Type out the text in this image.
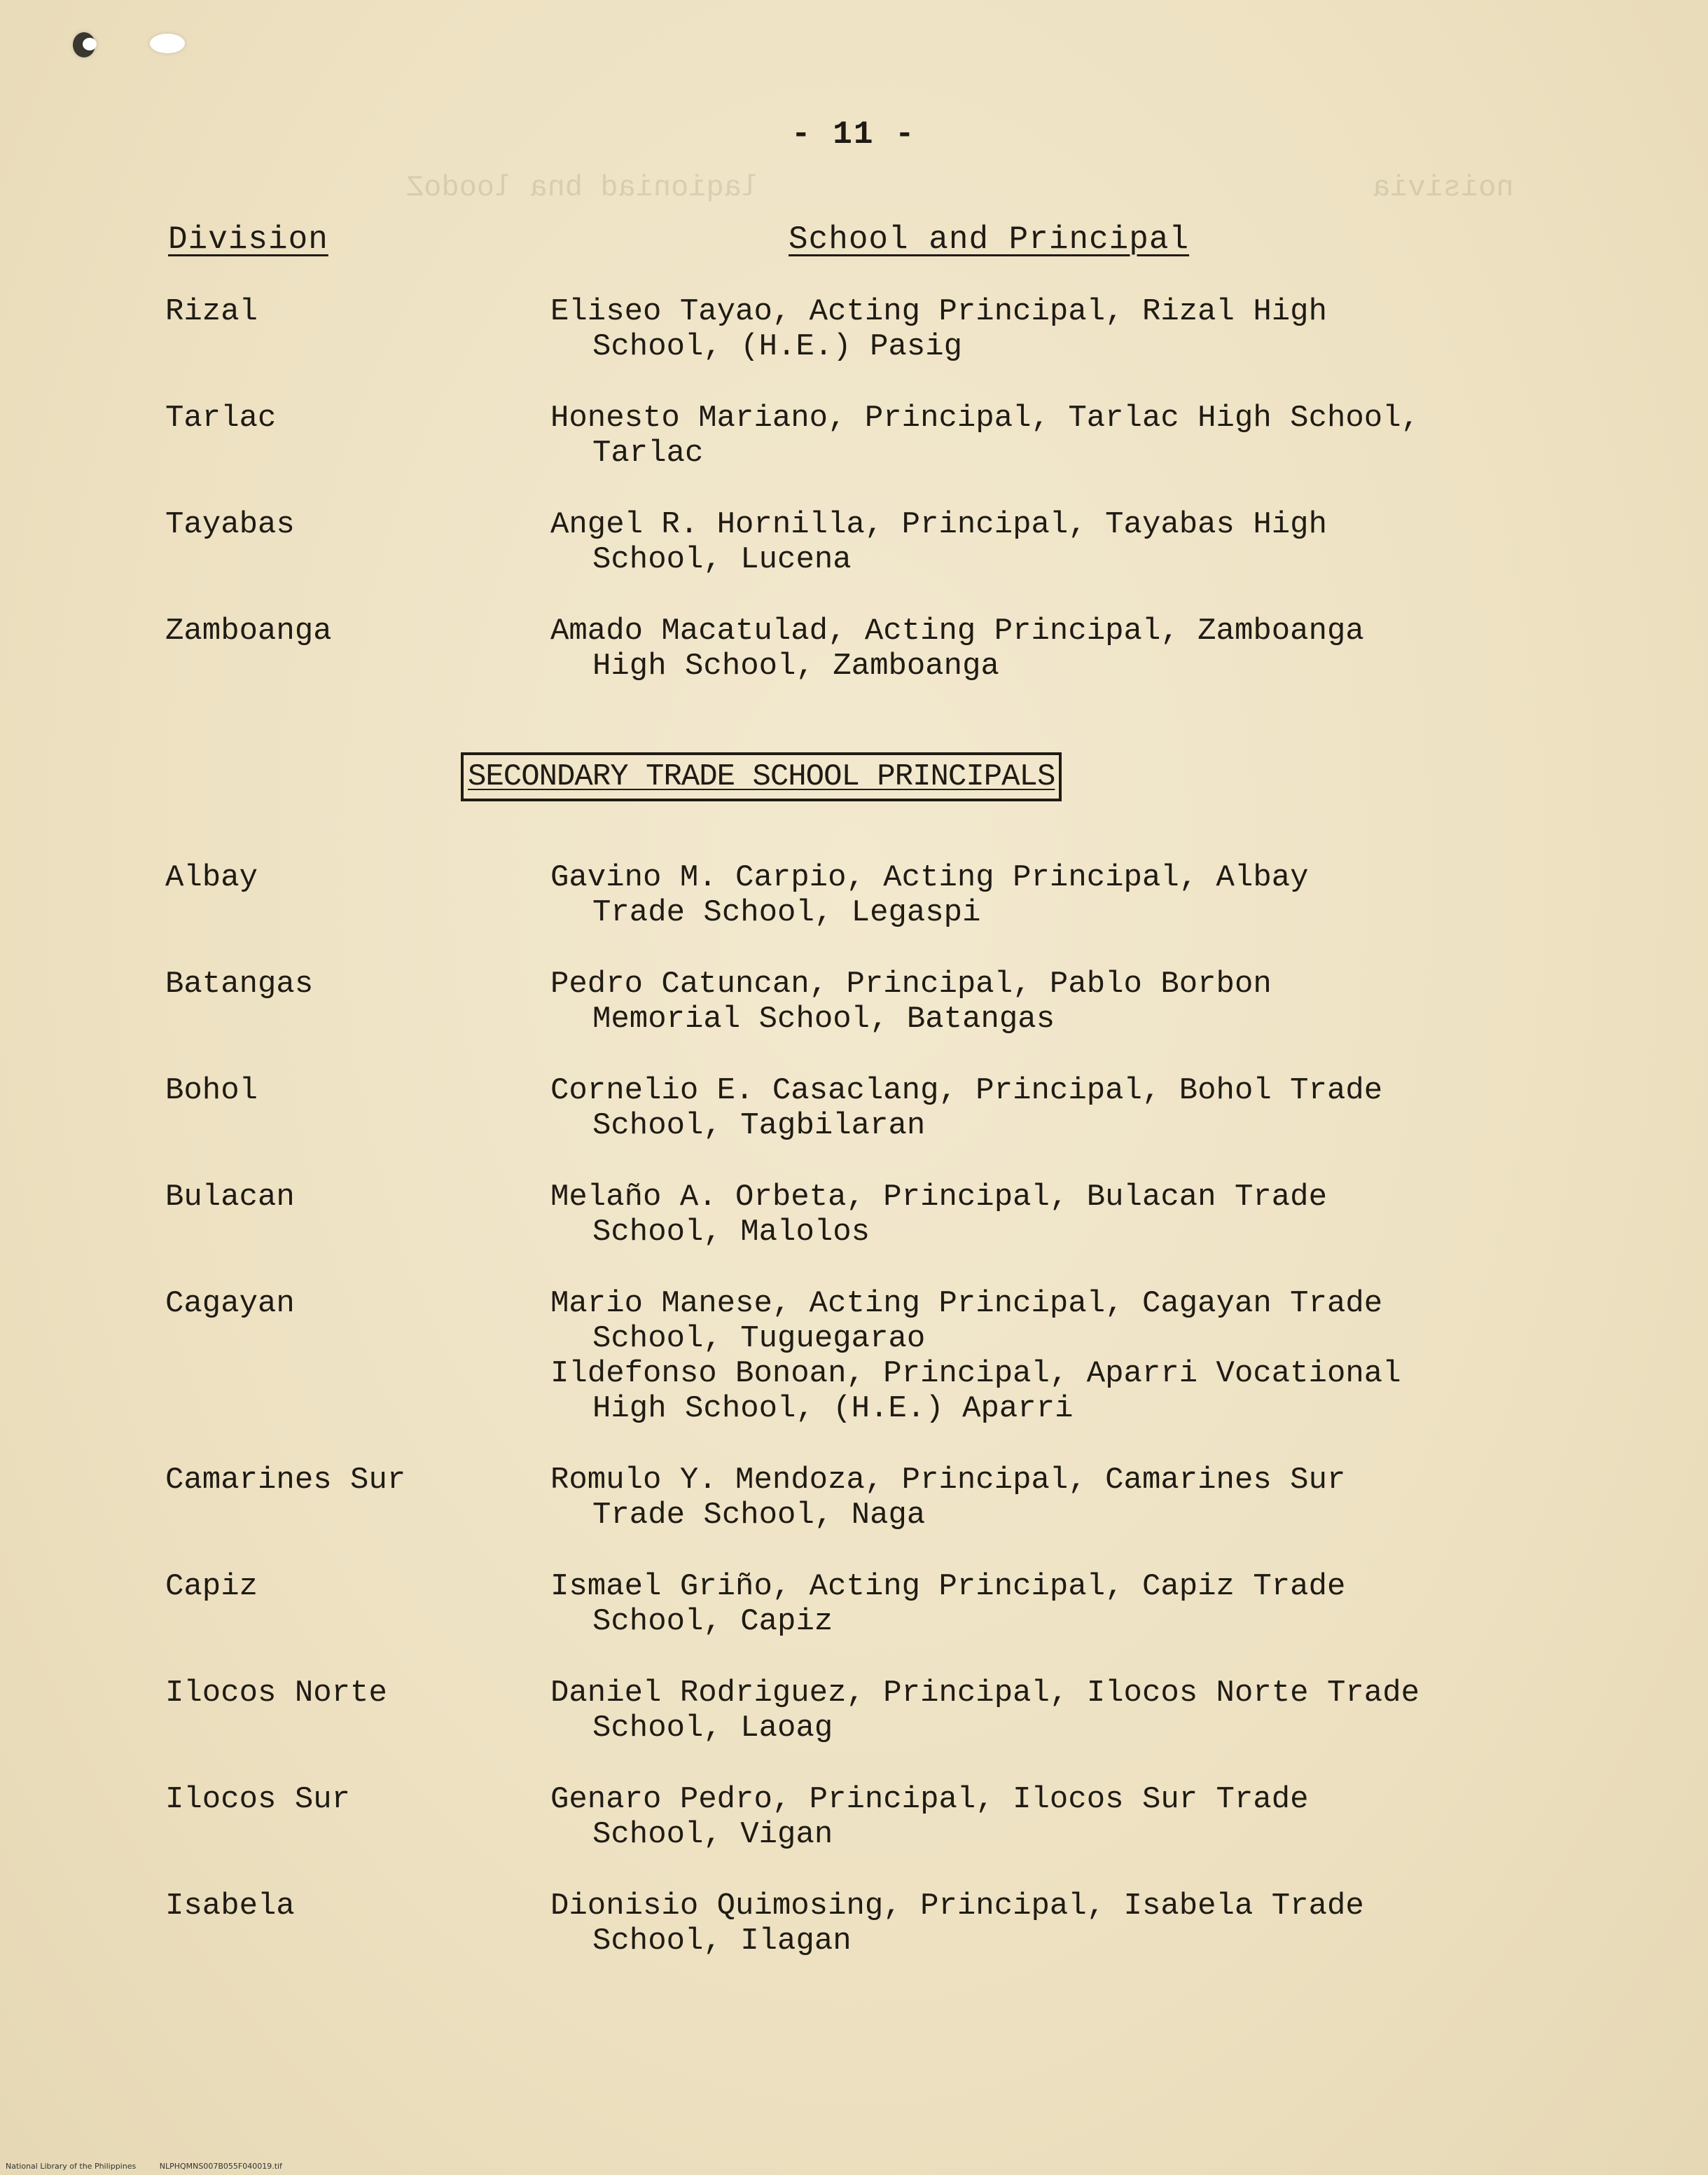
noisivia
laqioniad bna loodoZ
- 11 -
Division	School and Principal
Rizal	Eliseo Tayao, Acting Principal, Rizal High
School, (H.E.) Pasig
Tarlac	Honesto Mariano, Principal, Tarlac High School,
Tarlac
Tayabas	Angel R. Hornilla, Principal, Tayabas High
School, Lucena
Zamboanga	Amado Macatulad, Acting Principal, Zamboanga
High School, Zamboanga
SECONDARY TRADE SCHOOL PRINCIPALS
Albay	Gavino M. Carpio, Acting Principal, Albay
Trade School, Legaspi
Batangas	Pedro Catuncan, Principal, Pablo Borbon
Memorial School, Batangas
Bohol	Cornelio E. Casaclang, Principal, Bohol Trade
School, Tagbilaran
Bulacan	Melaño A. Orbeta, Principal, Bulacan Trade
School, Malolos
Cagayan	Mario Manese, Acting Principal, Cagayan Trade
School, Tuguegarao
Ildefonso Bonoan, Principal, Aparri Vocational
High School, (H.E.) Aparri
Camarines Sur	Romulo Y. Mendoza, Principal, Camarines Sur
Trade School, Naga
Capiz	Ismael Griño, Acting Principal, Capiz Trade
School, Capiz
Ilocos Norte	Daniel Rodriguez, Principal, Ilocos Norte Trade
School, Laoag
Ilocos Sur	Genaro Pedro, Principal, Ilocos Sur Trade
School, Vigan
Isabela	Dionisio Quimosing, Principal, Isabela Trade
School, Ilagan
National Library of the Philippines	NLPHQMNS007B055F040019.tif
